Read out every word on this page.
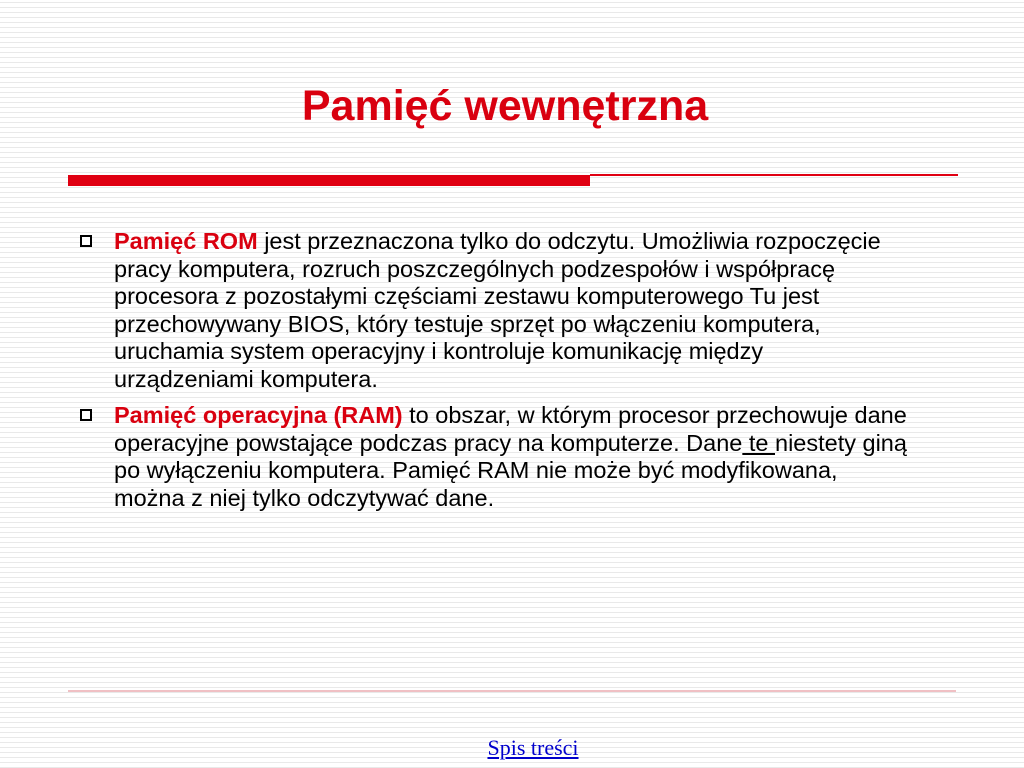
Pamięć wewnętrzna
Pamięć ROM jest przeznaczona tylko do odczytu. Umożliwia rozpoczęcie pracy komputera, rozruch poszczególnych podzespołów i współpracę procesora z pozostałymi częściami zestawu komputerowego Tu jest przechowywany BIOS, który testuje sprzęt po włączeniu komputera, uruchamia system operacyjny i kontroluje komunikację między urządzeniami komputera.
Pamięć operacyjna (RAM) to obszar, w którym procesor przechowuje dane operacyjne powstające podczas pracy na komputerze. Dane te niestety giną po wyłączeniu komputera. Pamięć RAM nie może być modyfikowana, można z niej tylko odczytywać dane.
Spis treści
